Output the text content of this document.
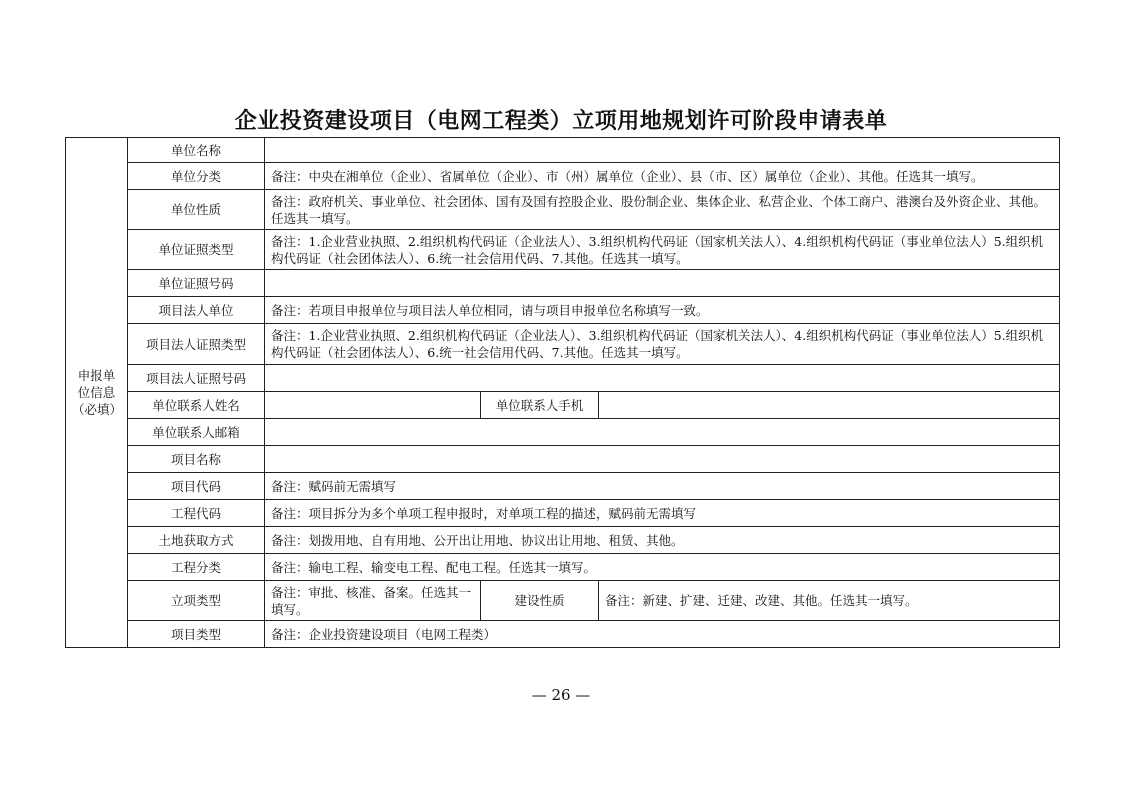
企业投资建设项目（电网工程类）立项用地规划许可阶段申请表单
申报单位信息（必填）	单位名称			
	单位分类	备注：中央在湘单位（企业）、省属单位（企业）、市（州）属单位（企业）、县（市、区）属单位（企业）、其他。任选其一填写。		
	单位性质	备注：政府机关、事业单位、社会团体、国有及国有控股企业、股份制企业、集体企业、私营企业、个体工商户、港澳台及外资企业、其他。任选其一填写。		
	单位证照类型	备注：1.企业营业执照、2.组织机构代码证（企业法人）、3.组织机构代码证（国家机关法人）、4.组织机构代码证（事业单位法人）5.组织机构代码证（社会团体法人）、6.统一社会信用代码、7.其他。任选其一填写。		
	单位证照号码			
	项目法人单位	备注：若项目申报单位与项目法人单位相同，请与项目申报单位名称填写一致。		
	项目法人证照类型	备注：1.企业营业执照、2.组织机构代码证（企业法人）、3.组织机构代码证（国家机关法人）、4.组织机构代码证（事业单位法人）5.组织机构代码证（社会团体法人）、6.统一社会信用代码、7.其他。任选其一填写。		
	项目法人证照号码			
	单位联系人姓名		单位联系人手机	
	单位联系人邮箱			
	项目名称			
	项目代码	备注：赋码前无需填写		
	工程代码	备注：项目拆分为多个单项工程申报时，对单项工程的描述，赋码前无需填写		
	土地获取方式	备注：划拨用地、自有用地、公开出让用地、协议出让用地、租赁、其他。		
	工程分类	备注：输电工程、输变电工程、配电工程。任选其一填写。		
	立项类型	备注：审批、核准、备案。任选其一填写。	建设性质	备注：新建、扩建、迁建、改建、其他。任选其一填写。
	项目类型	备注：企业投资建设项目（电网工程类）		
— 26 —
